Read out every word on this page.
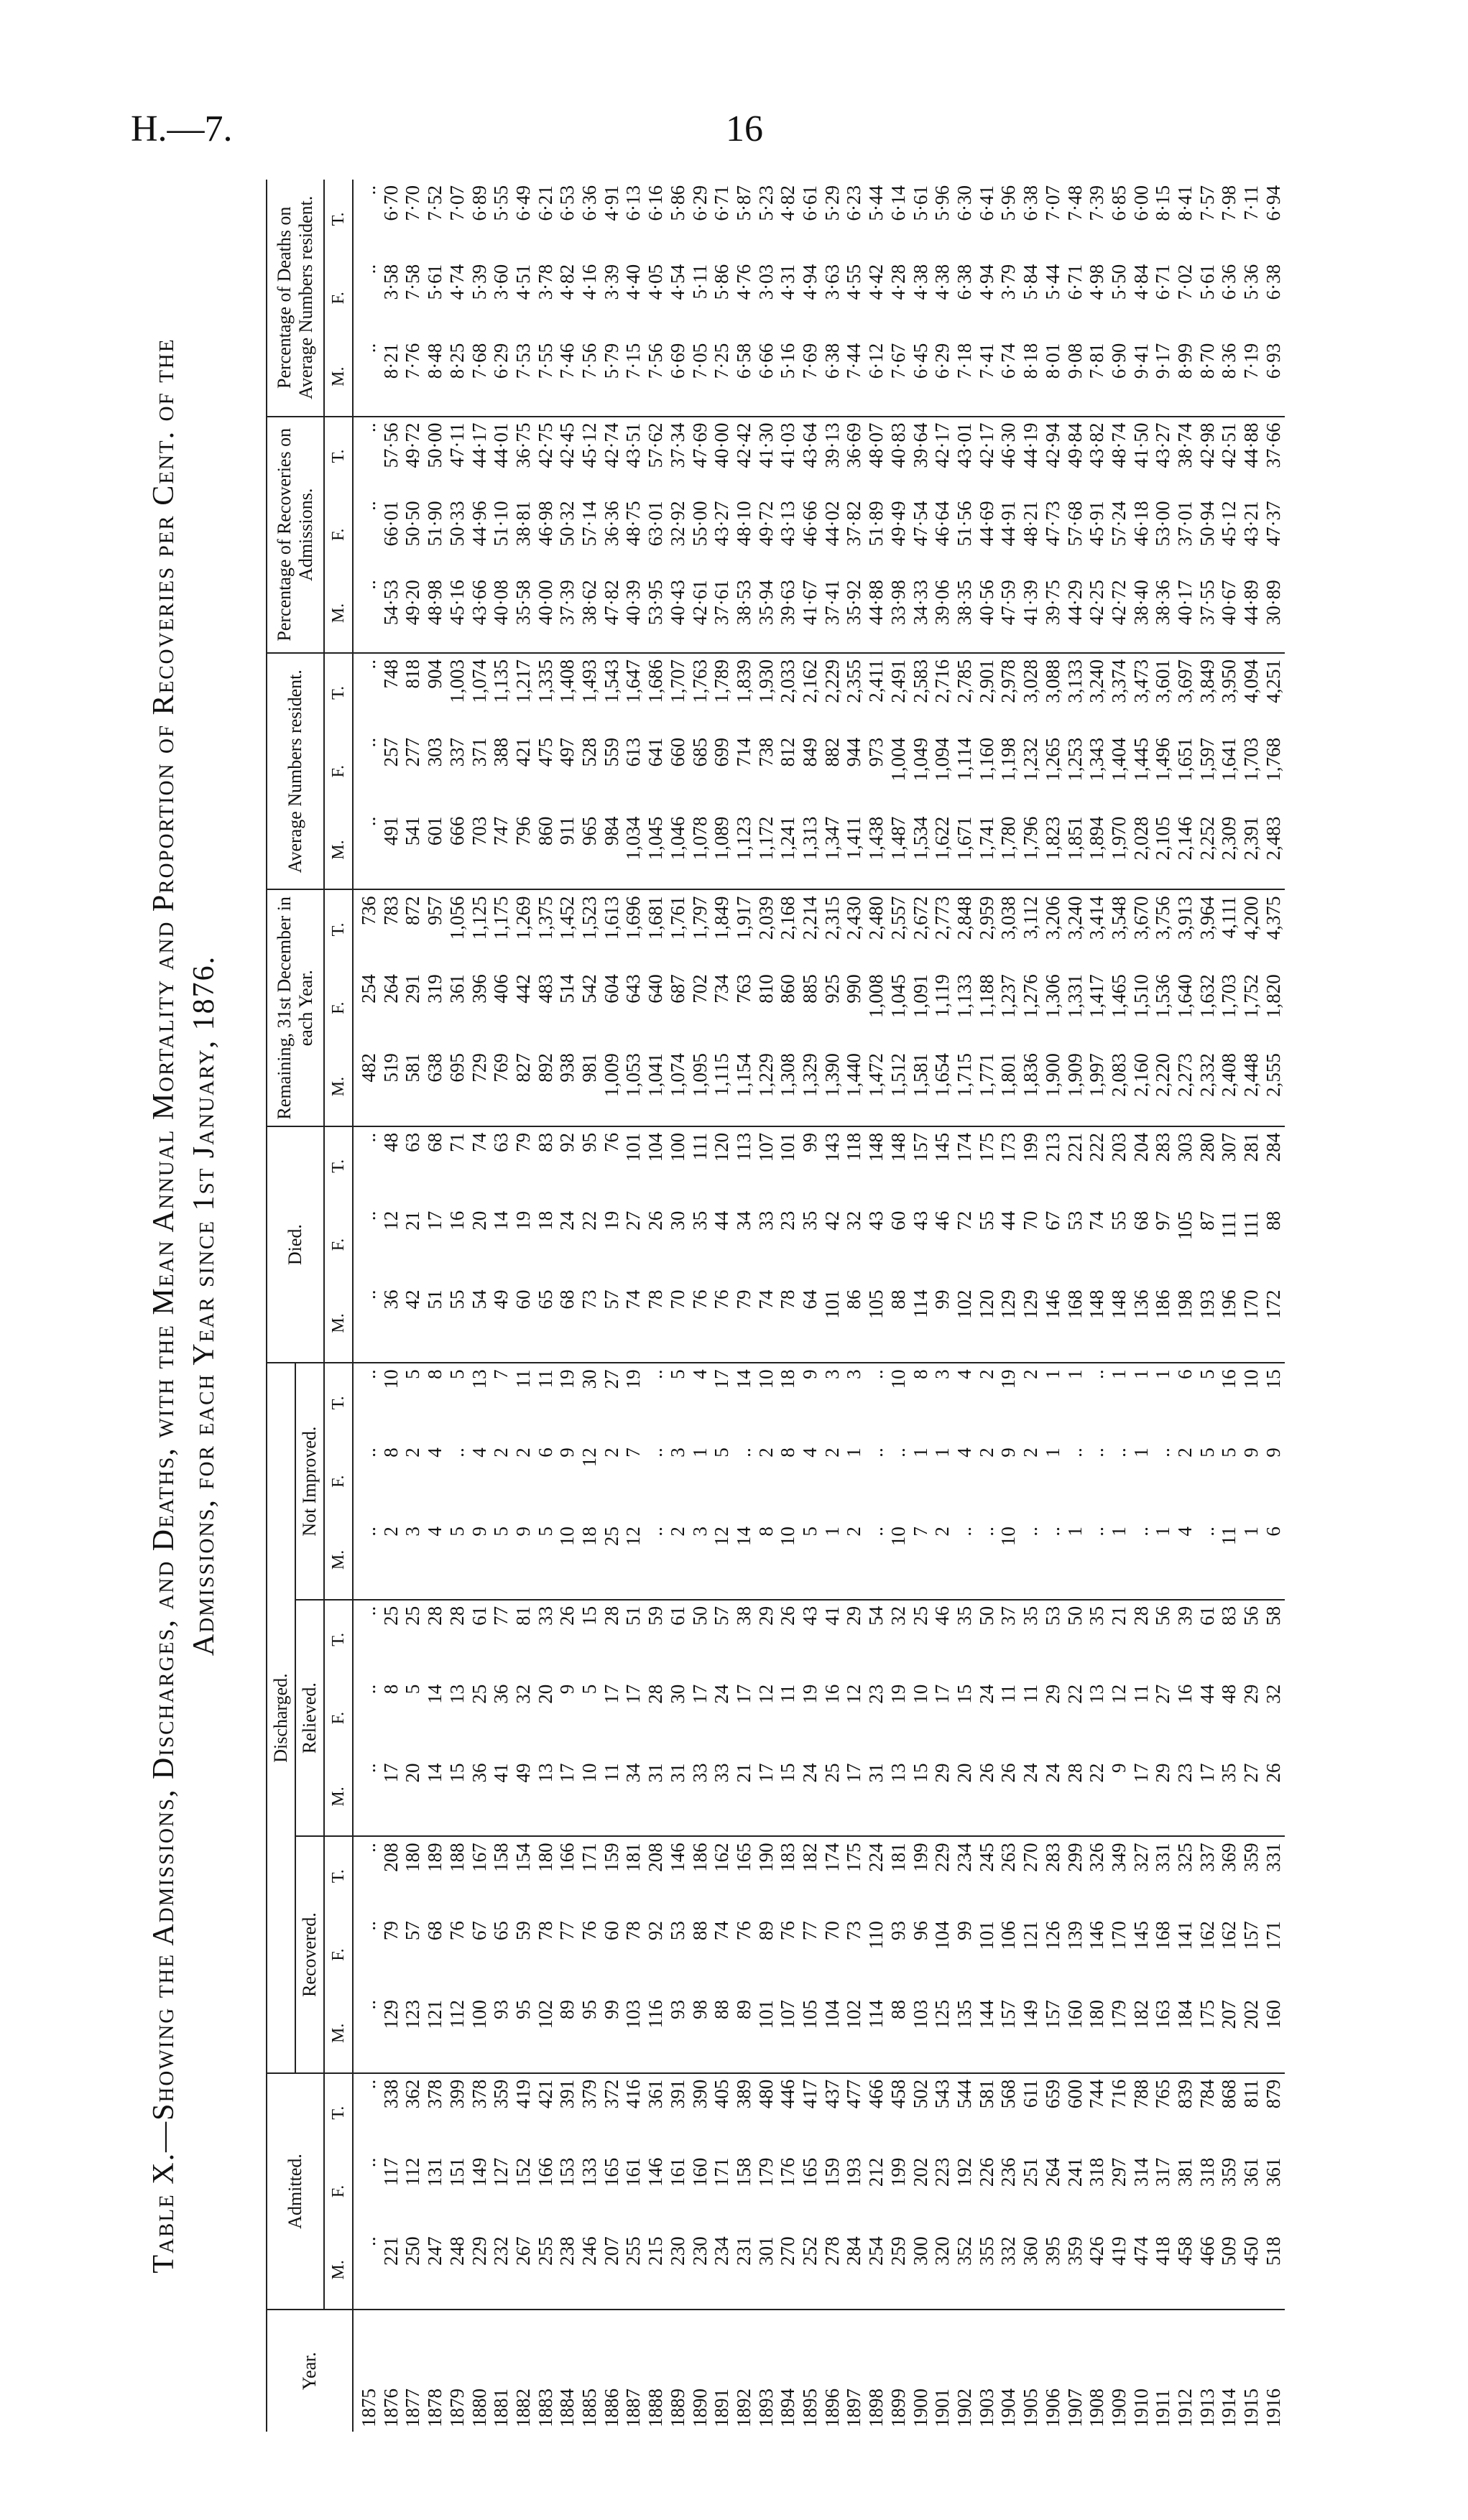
H.—7.	16
Table X.—Showing the Admissions, Discharges, and Deaths, with the Mean Annual Mortality and Proportion of Recoveries per Cent. of the Admissions, for each Year since 1st January, 1876.
Year.	Admitted.			Discharged.									Died.			Remaining, 31st December in each Year.			Average Numbers resident.			Percentage of Recoveries on Admissions.			Percentage of Deaths on Average Numbers resident.		
				Recovered.			Relieved.			Not Improved.																	
	M.	F.	T.	M.	F.	T.	M.	F.	T.	M.	F.	T.	M.	F.	T.	M.	F.	T.	M.	F.	T.	M.	F.	T.	M.	F.	T.
1875	..	..	..	..	..	..	..	..	..	..	..	..	..	..	..	482	254	736	..	..	..	..	..	..	..	..	..
1876	221	117	338	129	79	208	17	8	25	2	8	10	36	12	48	519	264	783	491	257	748	54·53	66·01	57·56	8·21	3·58	6·70
1877	250	112	362	123	57	180	20	5	25	3	2	5	42	21	63	581	291	872	541	277	818	49·20	50·50	49·72	7·76	7·58	7·70
1878	247	131	378	121	68	189	14	14	28	4	4	8	51	17	68	638	319	957	601	303	904	48·98	51·90	50·00	8·48	5·61	7·52
1879	248	151	399	112	76	188	15	13	28	5	..	5	55	16	71	695	361	1,056	666	337	1,003	45·16	50·33	47·11	8·25	4·74	7·07
1880	229	149	378	100	67	167	36	25	61	9	4	13	54	20	74	729	396	1,125	703	371	1,074	43·66	44·96	44·17	7·68	5·39	6·89
1881	232	127	359	93	65	158	41	36	77	5	2	7	49	14	63	769	406	1,175	747	388	1,135	40·08	51·10	44·01	6·29	3·60	5·55
1882	267	152	419	95	59	154	49	32	81	9	2	11	60	19	79	827	442	1,269	796	421	1,217	35·58	38·81	36·75	7·53	4·51	6·49
1883	255	166	421	102	78	180	13	20	33	5	6	11	65	18	83	892	483	1,375	860	475	1,335	40·00	46·98	42·75	7·55	3·78	6·21
1884	238	153	391	89	77	166	17	9	26	10	9	19	68	24	92	938	514	1,452	911	497	1,408	37·39	50·32	42·45	7·46	4·82	6·53
1885	246	133	379	95	76	171	10	5	15	18	12	30	73	22	95	981	542	1,523	965	528	1,493	38·62	57·14	45·12	7·56	4·16	6·36
1886	207	165	372	99	60	159	11	17	28	25	2	27	57	19	76	1,009	604	1,613	984	559	1,543	47·82	36·36	42·74	5·79	3·39	4·91
1887	255	161	416	103	78	181	34	17	51	12	7	19	74	27	101	1,053	643	1,696	1,034	613	1,647	40·39	48·75	43·51	7·15	4·40	6·13
1888	215	146	361	116	92	208	31	28	59	..	..	..	78	26	104	1,041	640	1,681	1,045	641	1,686	53·95	63·01	57·62	7·56	4·05	6·16
1889	230	161	391	93	53	146	31	30	61	2	3	5	70	30	100	1,074	687	1,761	1,046	660	1,707	40·43	32·92	37·34	6·69	4·54	5·86
1890	230	160	390	98	88	186	33	17	50	3	1	4	76	35	111	1,095	702	1,797	1,078	685	1,763	42·61	55·00	47·69	7·05	5·11	6·29
1891	234	171	405	88	74	162	33	24	57	12	5	17	76	44	120	1,115	734	1,849	1,089	699	1,789	37·61	43·27	40·00	7·25	5·86	6·71
1892	231	158	389	89	76	165	21	17	38	14	..	14	79	34	113	1,154	763	1,917	1,123	714	1,839	38·53	48·10	42·42	6·58	4·76	5·87
1893	301	179	480	101	89	190	17	12	29	8	2	10	74	33	107	1,229	810	2,039	1,172	738	1,930	35·94	49·72	41·30	6·66	3·03	5·23
1894	270	176	446	107	76	183	15	11	26	10	8	18	78	23	101	1,308	860	2,168	1,241	812	2,033	39·63	43·13	41·03	5·16	4·31	4·82
1895	252	165	417	105	77	182	24	19	43	5	4	9	64	35	99	1,329	885	2,214	1,313	849	2,162	41·67	46·66	43·64	7·69	4·94	6·61
1896	278	159	437	104	70	174	25	16	41	1	2	3	101	42	143	1,390	925	2,315	1,347	882	2,229	37·41	44·02	39·13	6·38	3·63	5·29
1897	284	193	477	102	73	175	17	12	29	2	1	3	86	32	118	1,440	990	2,430	1,411	944	2,355	35·92	37·82	36·69	7·44	4·55	6·23
1898	254	212	466	114	110	224	31	23	54	..	..	..	105	43	148	1,472	1,008	2,480	1,438	973	2,411	44·88	51·89	48·07	6·12	4·42	5·44
1899	259	199	458	88	93	181	13	19	32	10	..	10	88	60	148	1,512	1,045	2,557	1,487	1,004	2,491	33·98	49·49	40·83	7·67	4·28	6·14
1900	300	202	502	103	96	199	15	10	25	7	1	8	114	43	157	1,581	1,091	2,672	1,534	1,049	2,583	34·33	47·54	39·64	6·45	4·38	5·61
1901	320	223	543	125	104	229	29	17	46	2	1	3	99	46	145	1,654	1,119	2,773	1,622	1,094	2,716	39·06	46·64	42·17	6·29	4·38	5·96
1902	352	192	544	135	99	234	20	15	35	..	4	4	102	72	174	1,715	1,133	2,848	1,671	1,114	2,785	38·35	51·56	43·01	7·18	6·38	6·30
1903	355	226	581	144	101	245	26	24	50	..	2	2	120	55	175	1,771	1,188	2,959	1,741	1,160	2,901	40·56	44·69	42·17	7·41	4·94	6·41
1904	332	236	568	157	106	263	26	11	37	10	9	19	129	44	173	1,801	1,237	3,038	1,780	1,198	2,978	47·59	44·91	46·30	6·74	3·79	5·96
1905	360	251	611	149	121	270	24	11	35	..	2	2	129	70	199	1,836	1,276	3,112	1,796	1,232	3,028	41·39	48·21	44·19	8·18	5·84	6·38
1906	395	264	659	157	126	283	24	29	53	..	1	1	146	67	213	1,900	1,306	3,206	1,823	1,265	3,088	39·75	47·73	42·94	8·01	5·44	7·07
1907	359	241	600	160	139	299	28	22	50	1	..	1	168	53	221	1,909	1,331	3,240	1,851	1,253	3,133	44·29	57·68	49·84	9·08	6·71	7·48
1908	426	318	744	180	146	326	22	13	35	..	..	..	148	74	222	1,997	1,417	3,414	1,894	1,343	3,240	42·25	45·91	43·82	7·81	4·98	7·39
1909	419	297	716	179	170	349	9	12	21	1	..	1	148	55	203	2,083	1,465	3,548	1,970	1,404	3,374	42·72	57·24	48·74	6·90	5·50	6·85
1910	474	314	788	182	145	327	17	11	28	..	1	1	136	68	204	2,160	1,510	3,670	2,028	1,445	3,473	38·40	46·18	41·50	9·41	4·84	6·00
1911	418	317	765	163	168	331	29	27	56	1	..	1	186	97	283	2,220	1,536	3,756	2,105	1,496	3,601	38·36	53·00	43·27	9·17	6·71	8·15
1912	458	381	839	184	141	325	23	16	39	4	2	6	198	105	303	2,273	1,640	3,913	2,146	1,651	3,697	40·17	37·01	38·74	8·99	7·02	8·41
1913	466	318	784	175	162	337	17	44	61	..	5	5	193	87	280	2,332	1,632	3,964	2,252	1,597	3,849	37·55	50·94	42·98	8·70	5·61	7·57
1914	509	359	868	207	162	369	35	48	83	11	5	16	196	111	307	2,408	1,703	4,111	2,309	1,641	3,950	40·67	45·12	42·51	8·36	6·36	7·98
1915	450	361	811	202	157	359	27	29	56	1	9	10	170	111	281	2,448	1,752	4,200	2,391	1,703	4,094	44·89	43·21	44·88	7·19	5·36	7·11
1916	518	361	879	160	171	331	26	32	58	6	9	15	172	88	284	2,555	1,820	4,375	2,483	1,768	4,251	30·89	47·37	37·66	6·93	6·38	6·94
